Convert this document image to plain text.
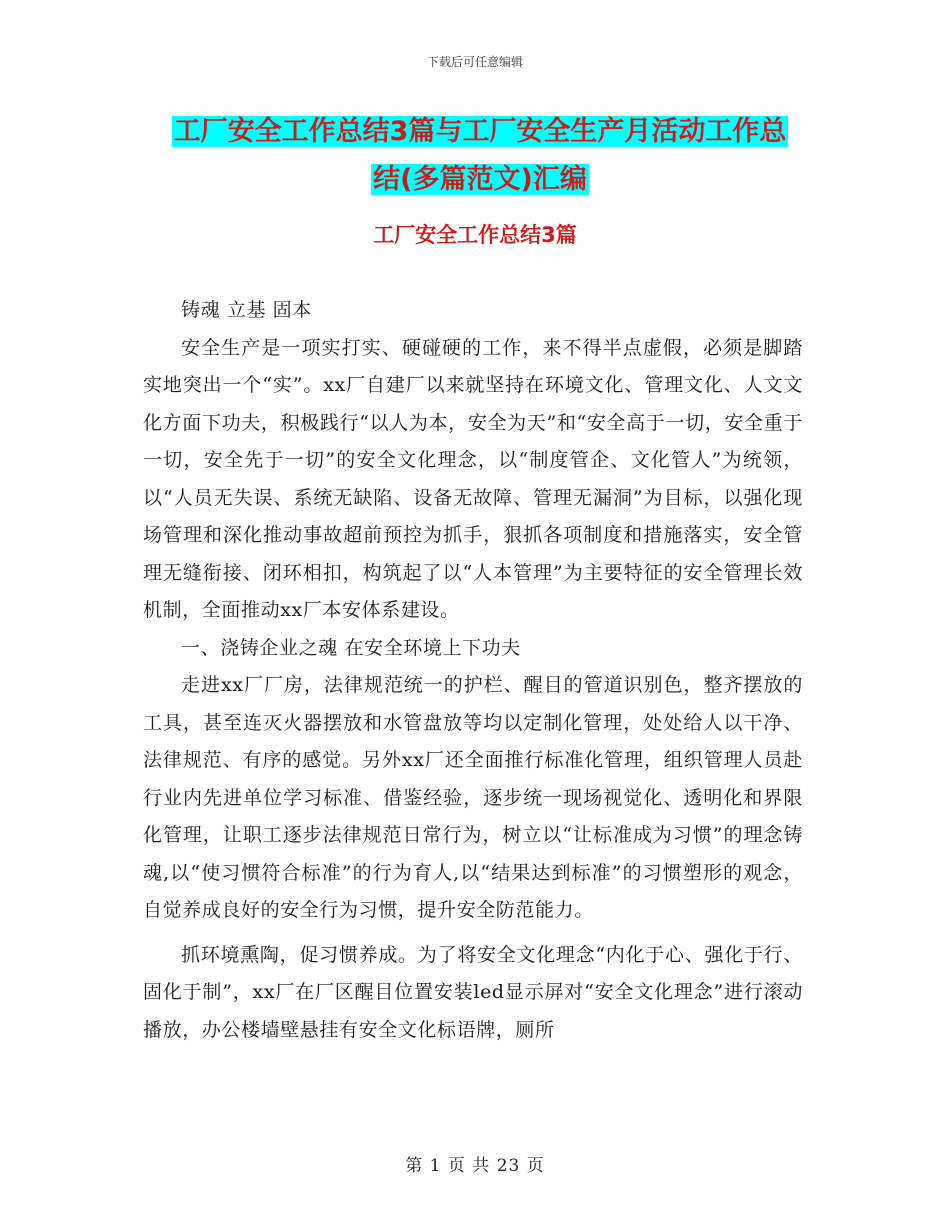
下载后可任意编辑
工厂安全工作总结3篇与工厂安全生产月活动工作总
结(多篇范文)汇编
工厂安全工作总结3篇

铸魂 立基 固本

安全生产是一项实打实、硬碰硬的工作，来不得半点虚假，必须是脚踏实地突出一个“实”。xx厂自建厂以来就坚持在环境文化、管理文化、人文文化方面下功夫，积极践行“以人为本，安全为天”和“安全高于一切，安全重于一切，安全先于一切”的安全文化理念，以“制度管企、文化管人”为统领，以“人员无失误、系统无缺陷、设备无故障、管理无漏洞”为目标，以强化现场管理和深化推动事故超前预控为抓手，狠抓各项制度和措施落实，安全管理无缝衔接、闭环相扣，构筑起了以“人本管理”为主要特征的安全管理长效机制，全面推动xx厂本安体系建设。

一、浇铸企业之魂 在安全环境上下功夫

走进xx厂厂房，法律规范统一的护栏、醒目的管道识别色，整齐摆放的工具，甚至连灭火器摆放和水管盘放等均以定制化管理，处处给人以干净、法律规范、有序的感觉。另外xx厂还全面推行标准化管理，组织管理人员赴行业内先进单位学习标准、借鉴经验，逐步统一现场视觉化、透明化和界限化管理，让职工逐步法律规范日常行为，树立以“让标准成为习惯”的理念铸魂,以“使习惯符合标准”的行为育人,以“结果达到标准”的习惯塑形的观念，自觉养成良好的安全行为习惯，提升安全防范能力。

抓环境熏陶，促习惯养成。为了将安全文化理念“内化于心、强化于行、固化于制”，xx厂在厂区醒目位置安装led显示屏对“安全文化理念”进行滚动播放，办公楼墙壁悬挂有安全文化标语牌，厕所

第 1 页 共 23 页
